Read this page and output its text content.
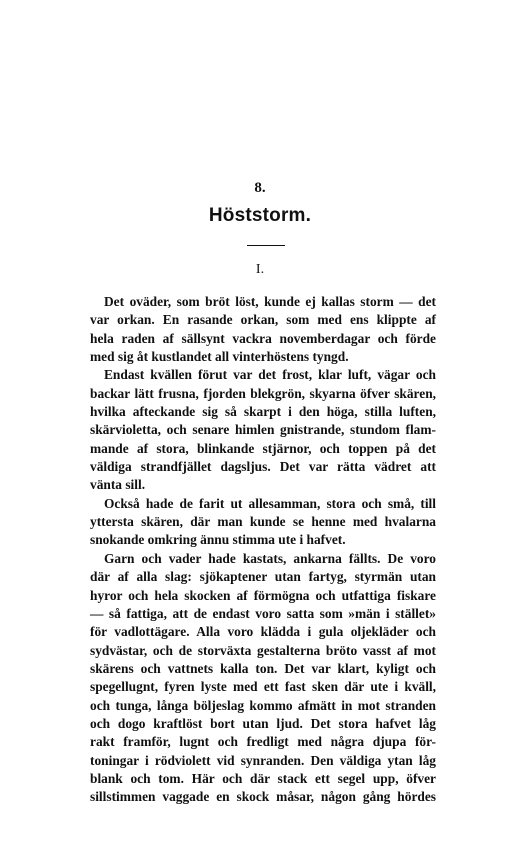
8.
Höststorm.
I.
Det oväder, som bröt löst, kunde ej kallas storm — det
var orkan. En rasande orkan, som med ens klippte af
hela raden af sällsynt vackra novemberdagar och förde
med sig åt kustlandet all vinterhöstens tyngd.
Endast kvällen förut var det frost, klar luft, vägar och
backar lätt frusna, fjorden blekgrön, skyarna öfver skären,
hvilka afteckande sig så skarpt i den höga, stilla luften,
skärvioletta, och senare himlen gnistrande, stundom flam-
mande af stora, blinkande stjärnor, och toppen på det
väldiga strandfjället dagsljus. Det var rätta vädret att
vänta sill.
Också hade de farit ut allesamman, stora och små, till
yttersta skären, där man kunde se henne med hvalarna
snokande omkring ännu stimma ute i hafvet.
Garn och vader hade kastats, ankarna fällts. De voro
där af alla slag: sjökaptener utan fartyg, styrmän utan
hyror och hela skocken af förmögna och utfattiga fiskare
— så fattiga, att de endast voro satta som »män i stället»
för vadlottägare. Alla voro klädda i gula oljekläder och
sydvästar, och de storväxta gestalterna bröto vasst af mot
skärens och vattnets kalla ton. Det var klart, kyligt och
spegellugnt, fyren lyste med ett fast sken där ute i kväll,
och tunga, långa böljeslag kommo afmätt in mot stranden
och dogo kraftlöst bort utan ljud. Det stora hafvet låg
rakt framför, lugnt och fredligt med några djupa för-
toningar i rödviolett vid synranden. Den väldiga ytan låg
blank och tom. Här och där stack ett segel upp, öfver
sillstimmen vaggade en skock måsar, någon gång hördes
